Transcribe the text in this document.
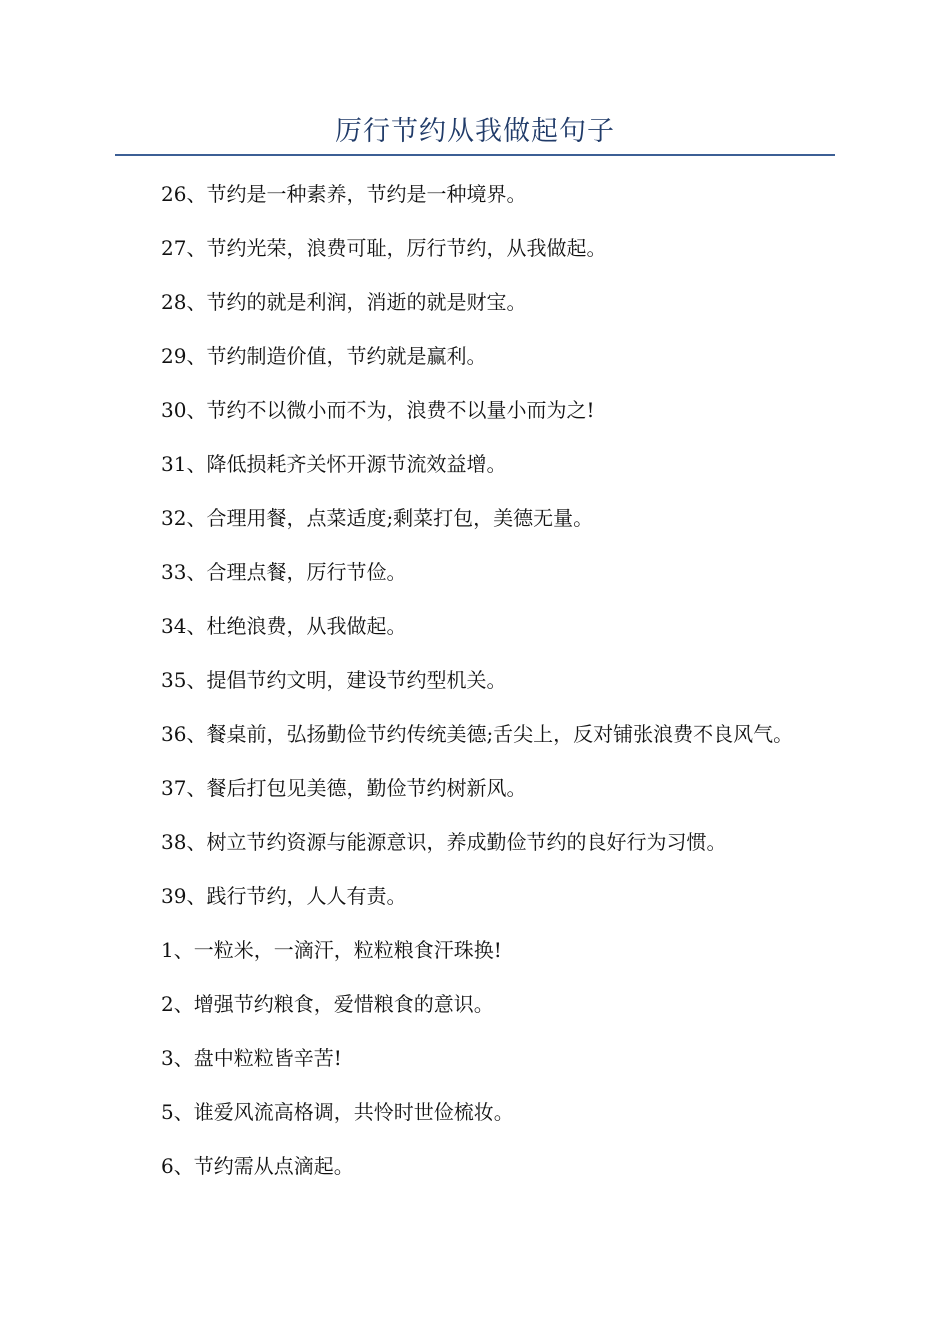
厉行节约从我做起句子

26、节约是一种素养，节约是一种境界。

27、节约光荣，浪费可耻，厉行节约，从我做起。

28、节约的就是利润，消逝的就是财宝。

29、节约制造价值，节约就是赢利。

30、节约不以微小而不为，浪费不以量小而为之!

31、降低损耗齐关怀开源节流效益增。

32、合理用餐，点菜适度;剩菜打包，美德无量。

33、合理点餐，厉行节俭。

34、杜绝浪费，从我做起。

35、提倡节约文明，建设节约型机关。

36、餐桌前，弘扬勤俭节约传统美德;舌尖上，反对铺张浪费不良风气。

37、餐后打包见美德，勤俭节约树新风。

38、树立节约资源与能源意识，养成勤俭节约的良好行为习惯。

39、践行节约，人人有责。

1、一粒米，一滴汗，粒粒粮食汗珠换!

2、增强节约粮食，爱惜粮食的意识。

3、盘中粒粒皆辛苦!

5、谁爱风流高格调，共怜时世俭梳妆。

6、节约需从点滴起。
